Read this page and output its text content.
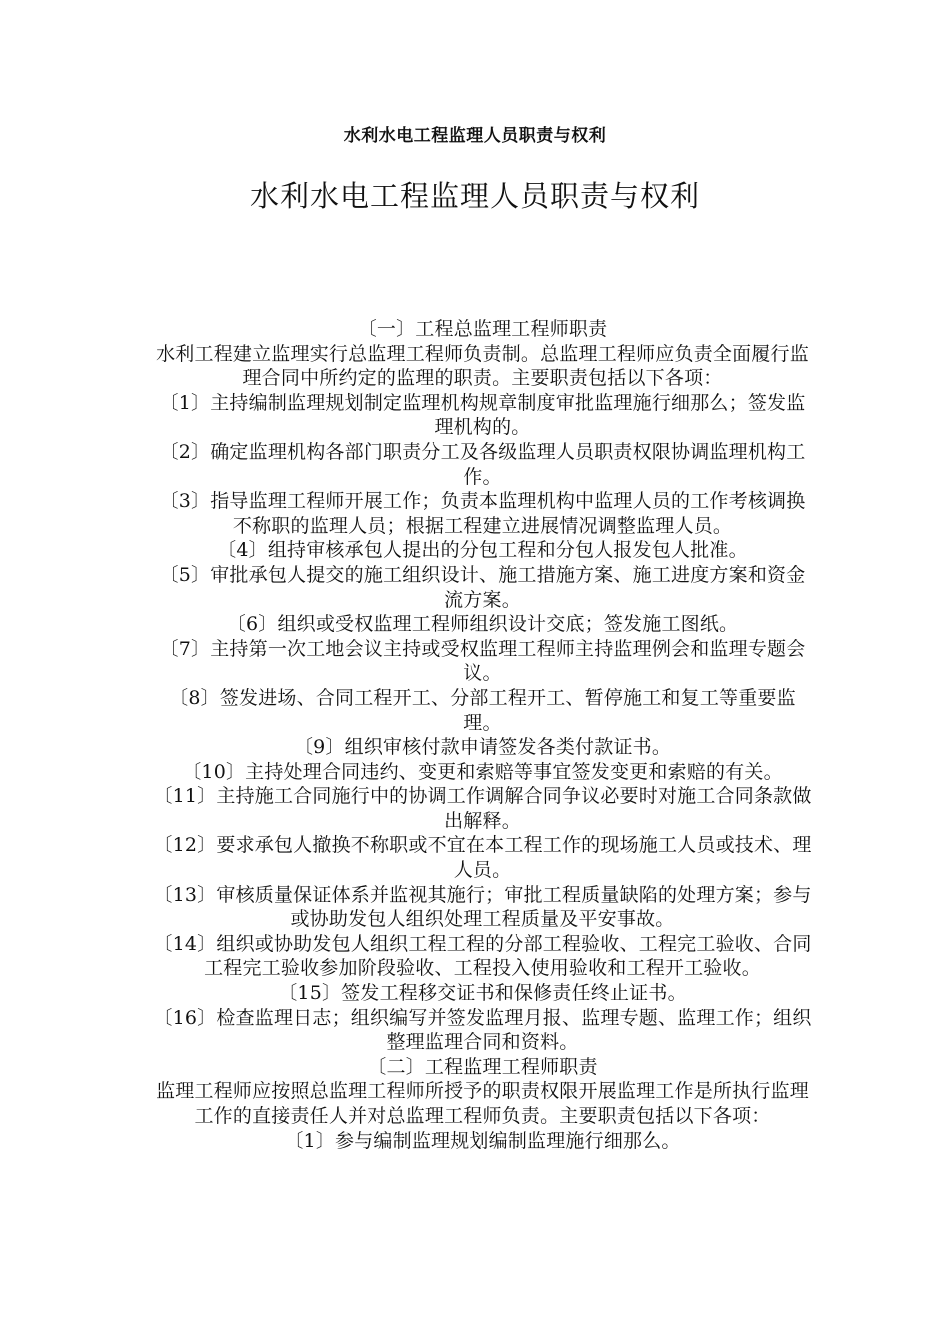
水利水电工程监理人员职责与权利
水利水电工程监理人员职责与权利

〔一〕工程总监理工程师职责

水利工程建立监理实行总监理工程师负责制。总监理工程师应负责全面履行监理合同中所约定的监理的职责。主要职责包括以下各项：

〔1〕主持编制监理规划制定监理机构规章制度审批监理施行细那么；签发监理机构的。

〔2〕确定监理机构各部门职责分工及各级监理人员职责权限协调监理机构工作。

〔3〕指导监理工程师开展工作；负责本监理机构中监理人员的工作考核调换不称职的监理人员；根据工程建立进展情况调整监理人员。

〔4〕组持审核承包人提出的分包工程和分包人报发包人批准。

〔5〕审批承包人提交的施工组织设计、施工措施方案、施工进度方案和资金流方案。

〔6〕组织或受权监理工程师组织设计交底；签发施工图纸。

〔7〕主持第一次工地会议主持或受权监理工程师主持监理例会和监理专题会议。

〔8〕签发进场、合同工程开工、分部工程开工、暂停施工和复工等重要监理。

〔9〕组织审核付款申请签发各类付款证书。

〔10〕主持处理合同违约、变更和索赔等事宜签发变更和索赔的有关。

〔11〕主持施工合同施行中的协调工作调解合同争议必要时对施工合同条款做出解释。

〔12〕要求承包人撤换不称职或不宜在本工程工作的现场施工人员或技术、理人员。

〔13〕审核质量保证体系并监视其施行；审批工程质量缺陷的处理方案；参与或协助发包人组织处理工程质量及平安事故。

〔14〕组织或协助发包人组织工程工程的分部工程验收、工程完工验收、合同工程完工验收参加阶段验收、工程投入使用验收和工程开工验收。

〔15〕签发工程移交证书和保修责任终止证书。

〔16〕检查监理日志；组织编写并签发监理月报、监理专题、监理工作；组织整理监理合同和资料。

〔二〕工程监理工程师职责

监理工程师应按照总监理工程师所授予的职责权限开展监理工作是所执行监理工作的直接责任人并对总监理工程师负责。主要职责包括以下各项：

〔1〕参与编制监理规划编制监理施行细那么。
